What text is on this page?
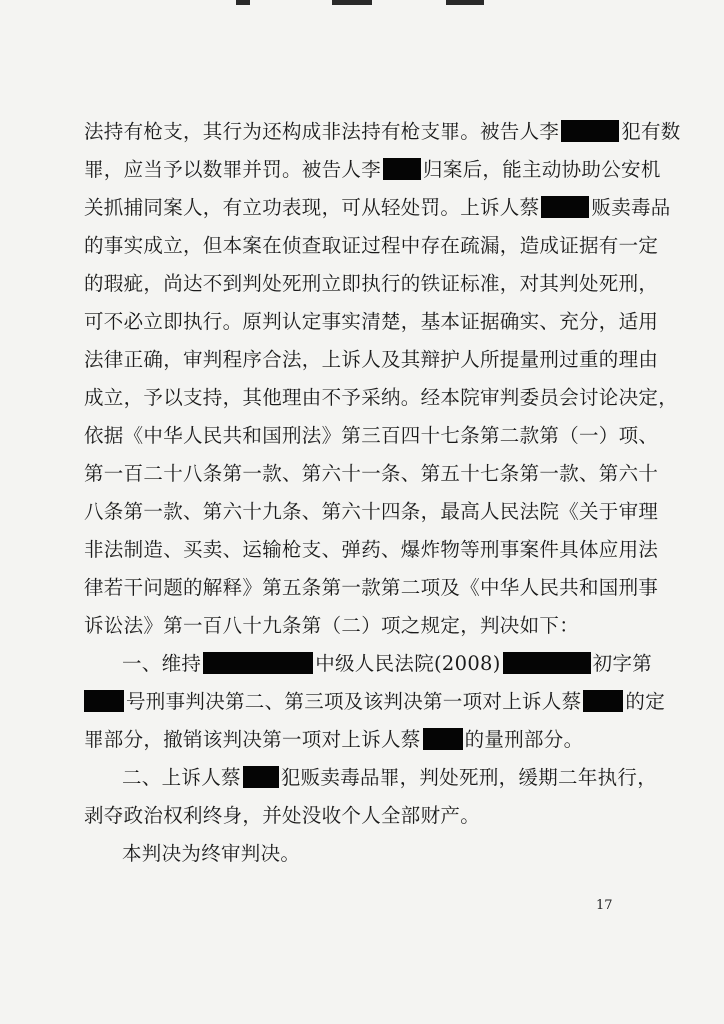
法持有枪支，其行为还构成非法持有枪支罪。被告人李	犯有数
罪，应当予以数罪并罚。被告人李 归案后，能主动协助公安机
关抓捕同案人，有立功表现，可从轻处罚。上诉人蔡	贩卖毒品
的事实成立，但本案在侦查取证过程中存在疏漏，造成证据有一定
的瑕疵，尚达不到判处死刑立即执行的铁证标准，对其判处死刑，
可不必立即执行。原判认定事实清楚，基本证据确实、充分，适用
法律正确，审判程序合法，上诉人及其辩护人所提量刑过重的理由
成立，予以支持，其他理由不予采纳。经本院审判委员会讨论决定，
依据《中华人民共和国刑法》第三百四十七条第二款第（一）项、
第一百二十八条第一款、第六十一条、第五十七条第一款、第六十
八条第一款、第六十九条、第六十四条，最高人民法院《关于审理
非法制造、买卖、运输枪支、弹药、爆炸物等刑事案件具体应用法
律若干问题的解释》第五条第一款第二项及《中华人民共和国刑事
诉讼法》第一百八十九条第（二）项之规定，判决如下：
一、维持	中级人民法院(2008)	初字第
号刑事判决第二、第三项及该判决第一项对上诉人蔡 的定
罪部分，撤销该判决第一项对上诉人蔡 的量刑部分。
二、上诉人蔡 犯贩卖毒品罪，判处死刑，缓期二年执行，
剥夺政治权利终身，并处没收个人全部财产。
本判决为终审判决。
17
